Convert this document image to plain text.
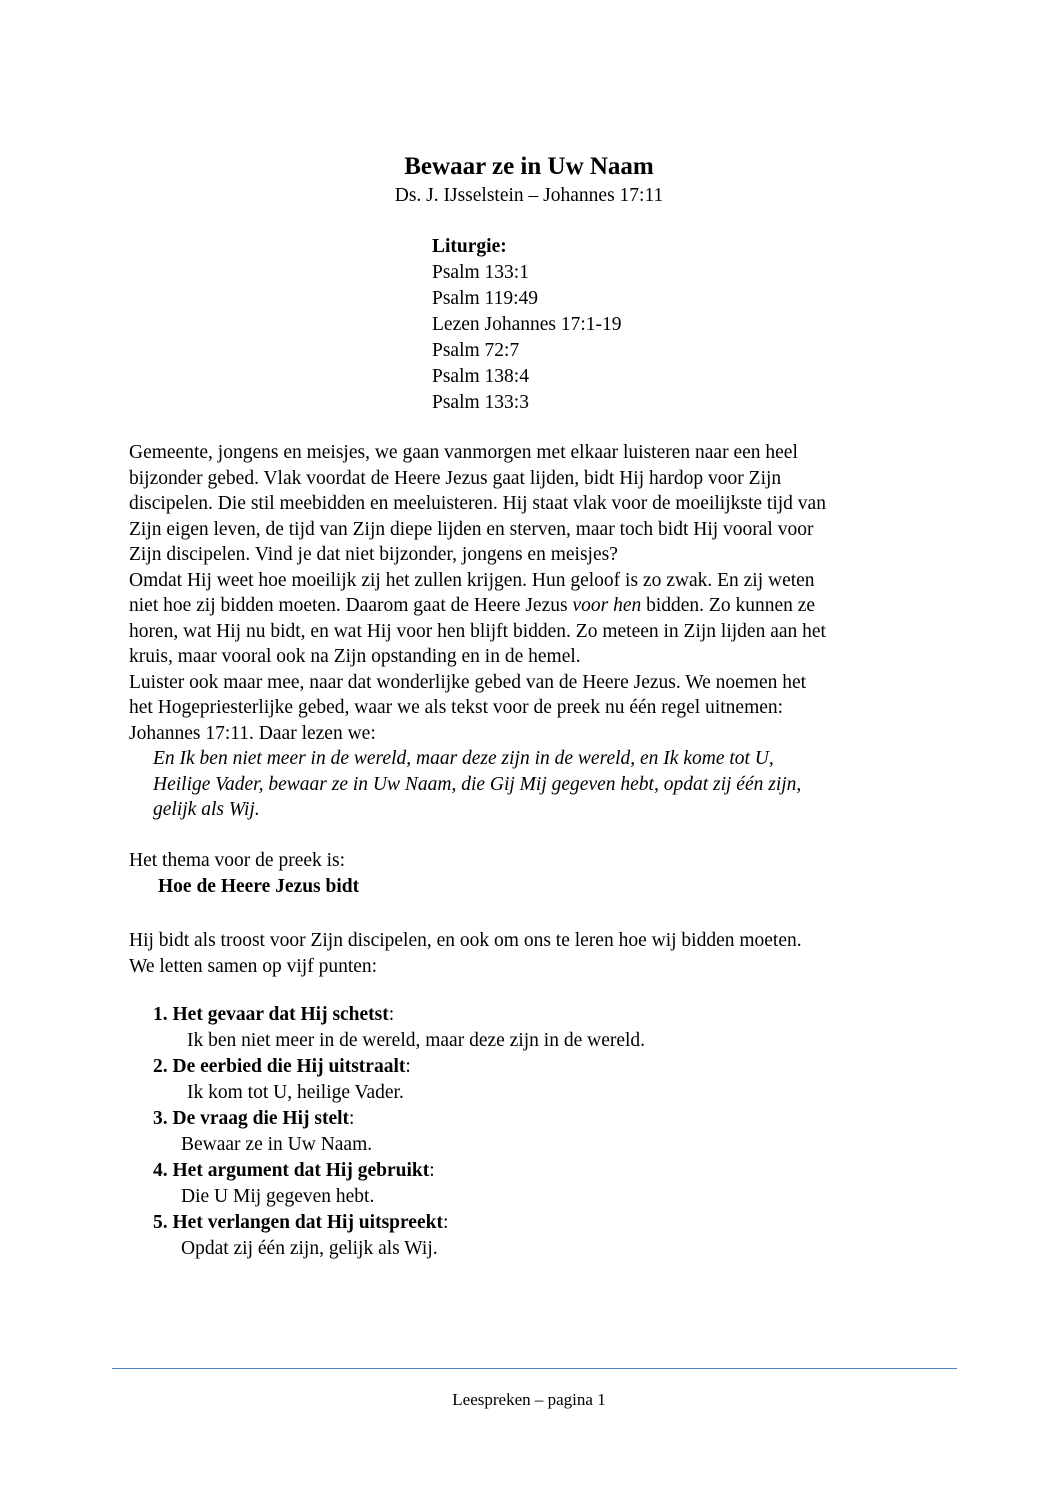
Bewaar ze in Uw Naam
Ds. J. IJsselstein – Johannes 17:11
Liturgie:
Psalm 133:1
Psalm 119:49
Lezen Johannes 17:1-19
Psalm 72:7
Psalm 138:4
Psalm 133:3
Gemeente, jongens en meisjes, we gaan vanmorgen met elkaar luisteren naar een heel
bijzonder gebed. Vlak voordat de Heere Jezus gaat lijden, bidt Hij hardop voor Zijn
discipelen. Die stil meebidden en meeluisteren. Hij staat vlak voor de moeilijkste tijd van
Zijn eigen leven, de tijd van Zijn diepe lijden en sterven, maar toch bidt Hij vooral voor
Zijn discipelen. Vind je dat niet bijzonder, jongens en meisjes?
Omdat Hij weet hoe moeilijk zij het zullen krijgen. Hun geloof is zo zwak. En zij weten
niet hoe zij bidden moeten. Daarom gaat de Heere Jezus voor hen bidden. Zo kunnen ze
horen, wat Hij nu bidt, en wat Hij voor hen blijft bidden. Zo meteen in Zijn lijden aan het
kruis, maar vooral ook na Zijn opstanding en in de hemel.
Luister ook maar mee, naar dat wonderlijke gebed van de Heere Jezus. We noemen het
het Hogepriesterlijke gebed, waar we als tekst voor de preek nu één regel uitnemen:
Johannes 17:11. Daar lezen we:
En Ik ben niet meer in de wereld, maar deze zijn in de wereld, en Ik kome tot U,
Heilige Vader, bewaar ze in Uw Naam, die Gij Mij gegeven hebt, opdat zij één zijn,
gelijk als Wij.
Het thema voor de preek is:
Hoe de Heere Jezus bidt
Hij bidt als troost voor Zijn discipelen, en ook om ons te leren hoe wij bidden moeten.
We letten samen op vijf punten:
1. Het gevaar dat Hij schetst:
Ik ben niet meer in de wereld, maar deze zijn in de wereld.
2. De eerbied die Hij uitstraalt:
Ik kom tot U, heilige Vader.
3. De vraag die Hij stelt:
Bewaar ze in Uw Naam.
4. Het argument dat Hij gebruikt:
Die U Mij gegeven hebt.
5. Het verlangen dat Hij uitspreekt:
Opdat zij één zijn, gelijk als Wij.
Leespreken – pagina 1
